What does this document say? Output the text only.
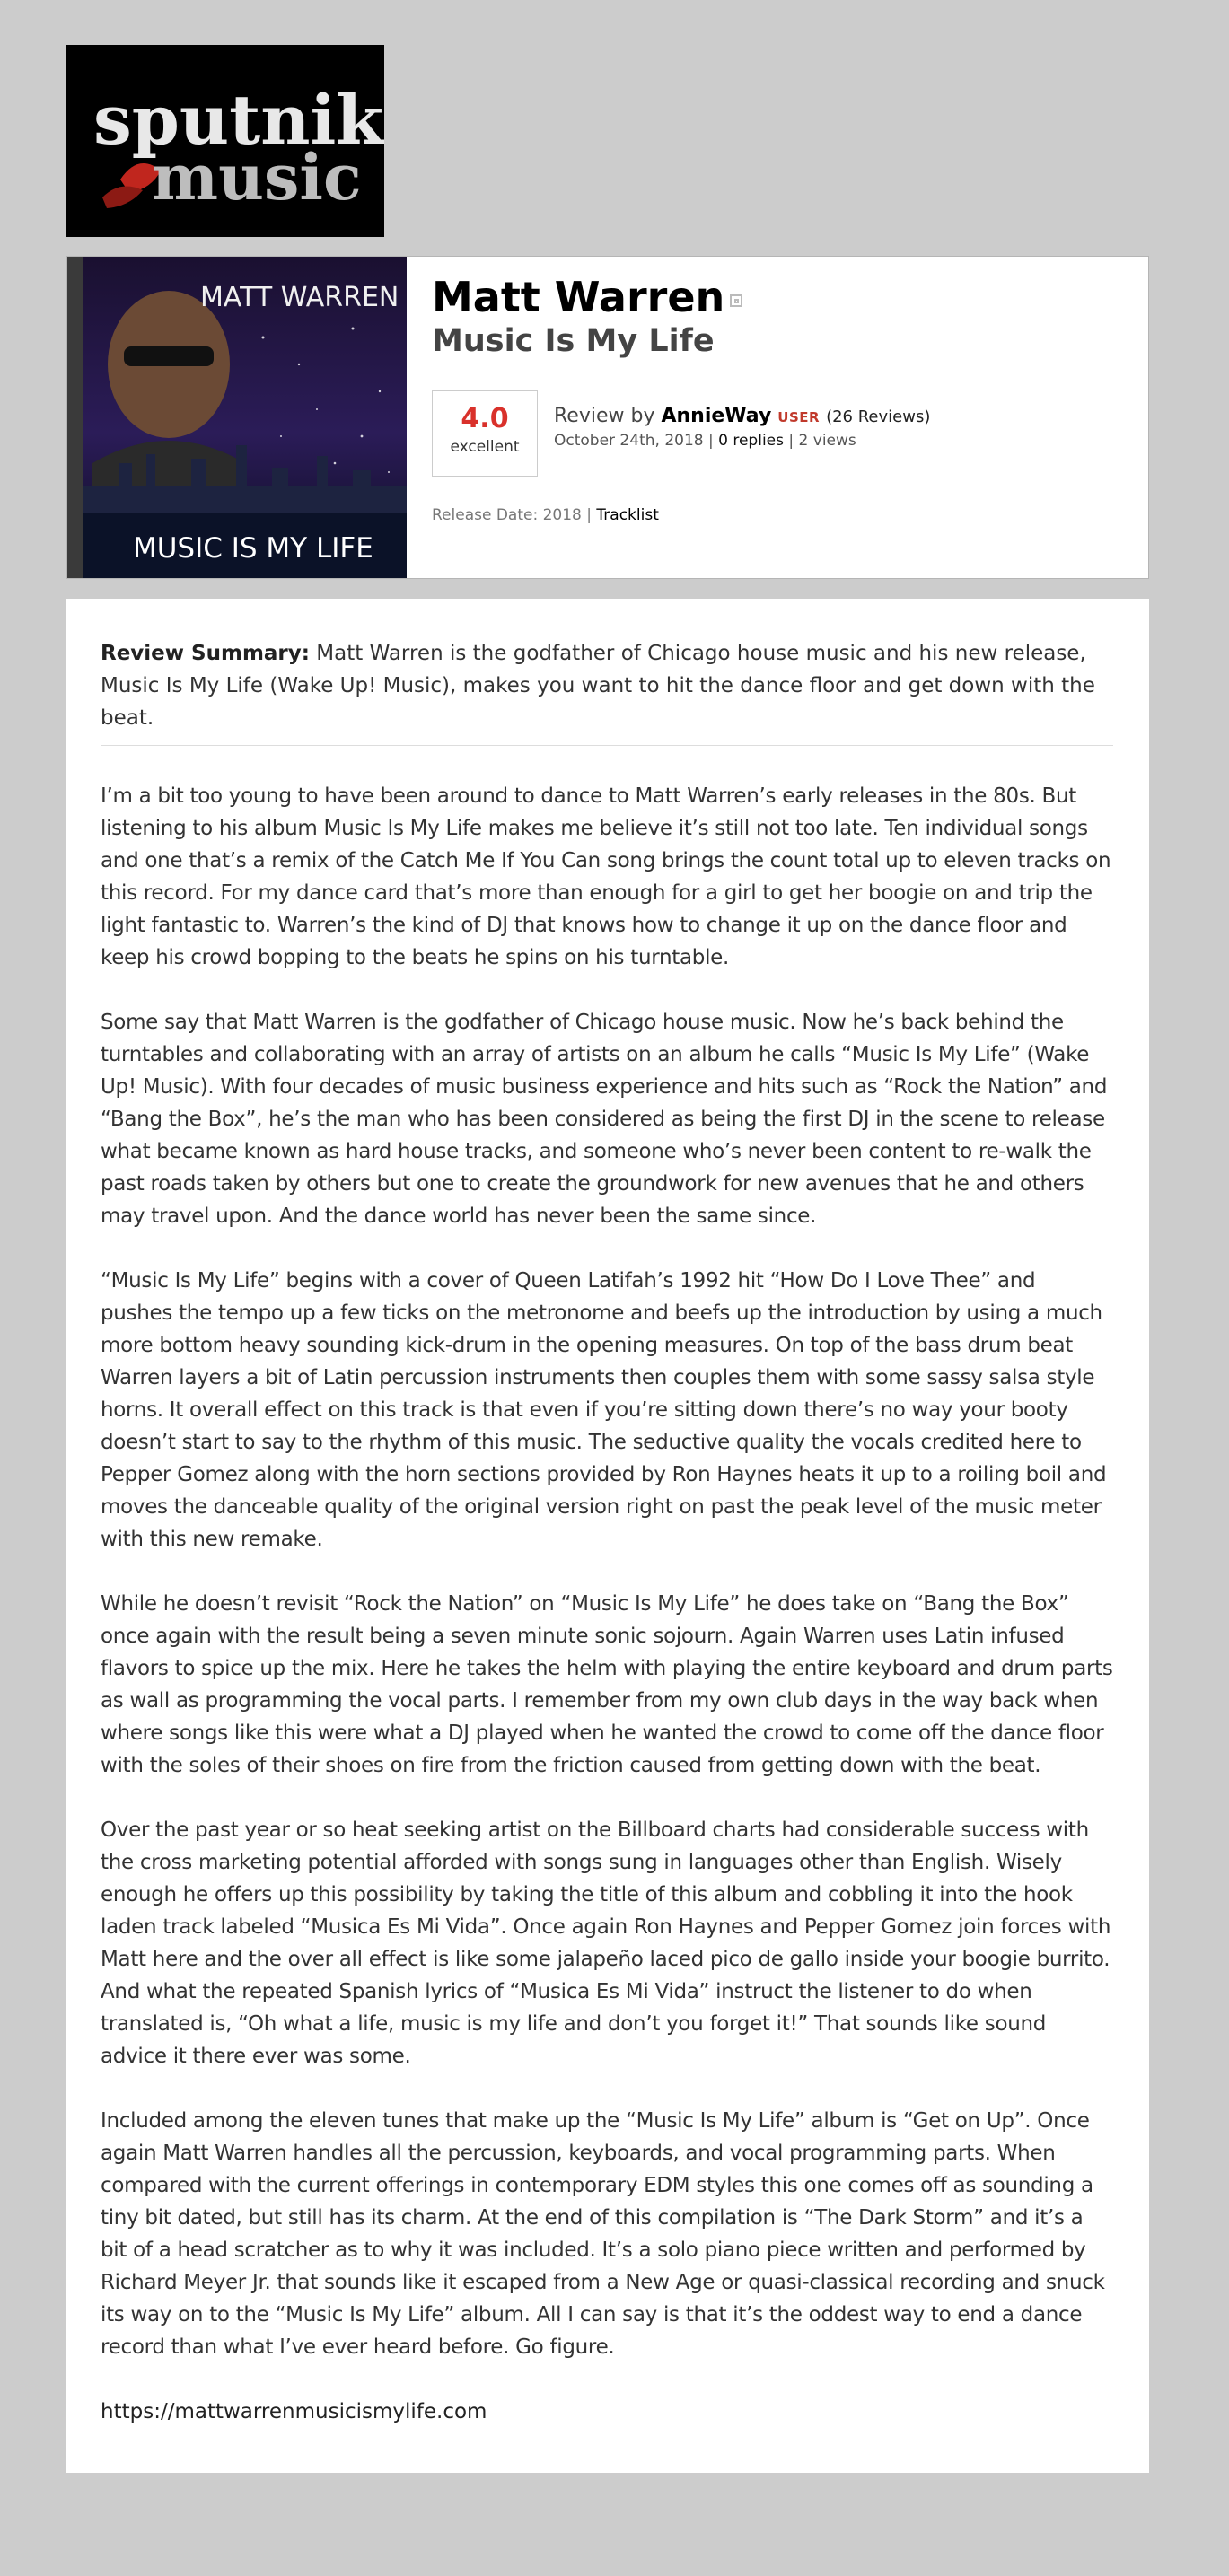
sputnik
music
MATT WARREN
MUSIC IS MY LIFE
Matt Warren
Music Is My Life
4.0
excellent
Review by AnnieWay USER (26 Reviews)
October 24th, 2018 | 0 replies | 2 views
Release Date: 2018 | Tracklist

Review Summary: Matt Warren is the godfather of Chicago house music and his new release, Music Is My Life (Wake Up! Music), makes you want to hit the dance floor and get down with the beat.

I’m a bit too young to have been around to dance to Matt Warren’s early releases in the 80s. But listening to his album Music Is My Life makes me believe it’s still not too late. Ten individual songs and one that’s a remix of the Catch Me If You Can song brings the count total up to eleven tracks on this record. For my dance card that’s more than enough for a girl to get her boogie on and trip the light fantastic to. Warren’s the kind of DJ that knows how to change it up on the dance floor and keep his crowd bopping to the beats he spins on his turntable.

Some say that Matt Warren is the godfather of Chicago house music. Now he’s back behind the turntables and collaborating with an array of artists on an album he calls “Music Is My Life” (Wake Up! Music). With four decades of music business experience and hits such as “Rock the Nation” and “Bang the Box”, he’s the man who has been considered as being the first DJ in the scene to release what became known as hard house tracks, and someone who’s never been content to re-walk the past roads taken by others but one to create the groundwork for new avenues that he and others may travel upon. And the dance world has never been the same since.

“Music Is My Life” begins with a cover of Queen Latifah’s 1992 hit “How Do I Love Thee” and pushes the tempo up a few ticks on the metronome and beefs up the introduction by using a much more bottom heavy sounding kick-drum in the opening measures. On top of the bass drum beat Warren layers a bit of Latin percussion instruments then couples them with some sassy salsa style horns. It overall effect on this track is that even if you’re sitting down there’s no way your booty doesn’t start to say to the rhythm of this music. The seductive quality the vocals credited here to Pepper Gomez along with the horn sections provided by Ron Haynes heats it up to a roiling boil and moves the danceable quality of the original version right on past the peak level of the music meter with this new remake.

While he doesn’t revisit “Rock the Nation” on “Music Is My Life” he does take on “Bang the Box” once again with the result being a seven minute sonic sojourn. Again Warren uses Latin infused flavors to spice up the mix. Here he takes the helm with playing the entire keyboard and drum parts as wall as programming the vocal parts. I remember from my own club days in the way back when where songs like this were what a DJ played when he wanted the crowd to come off the dance floor with the soles of their shoes on fire from the friction caused from getting down with the beat.

Over the past year or so heat seeking artist on the Billboard charts had considerable success with the cross marketing potential afforded with songs sung in languages other than English. Wisely enough he offers up this possibility by taking the title of this album and cobbling it into the hook laden track labeled “Musica Es Mi Vida”. Once again Ron Haynes and Pepper Gomez join forces with Matt here and the over all effect is like some jalapeño laced pico de gallo inside your boogie burrito. And what the repeated Spanish lyrics of “Musica Es Mi Vida” instruct the listener to do when translated is, “Oh what a life, music is my life and don’t you forget it!” That sounds like sound advice it there ever was some.

Included among the eleven tunes that make up the “Music Is My Life” album is “Get on Up”. Once again Matt Warren handles all the percussion, keyboards, and vocal programming parts. When compared with the current offerings in contemporary EDM styles this one comes off as sounding a tiny bit dated, but still has its charm. At the end of this compilation is “The Dark Storm” and it’s a bit of a head scratcher as to why it was included. It’s a solo piano piece written and performed by Richard Meyer Jr. that sounds like it escaped from a New Age or quasi-classical recording and snuck its way on to the “Music Is My Life” album. All I can say is that it’s the oddest way to end a dance record than what I’ve ever heard before. Go figure.

https://mattwarrenmusicismylife.com
